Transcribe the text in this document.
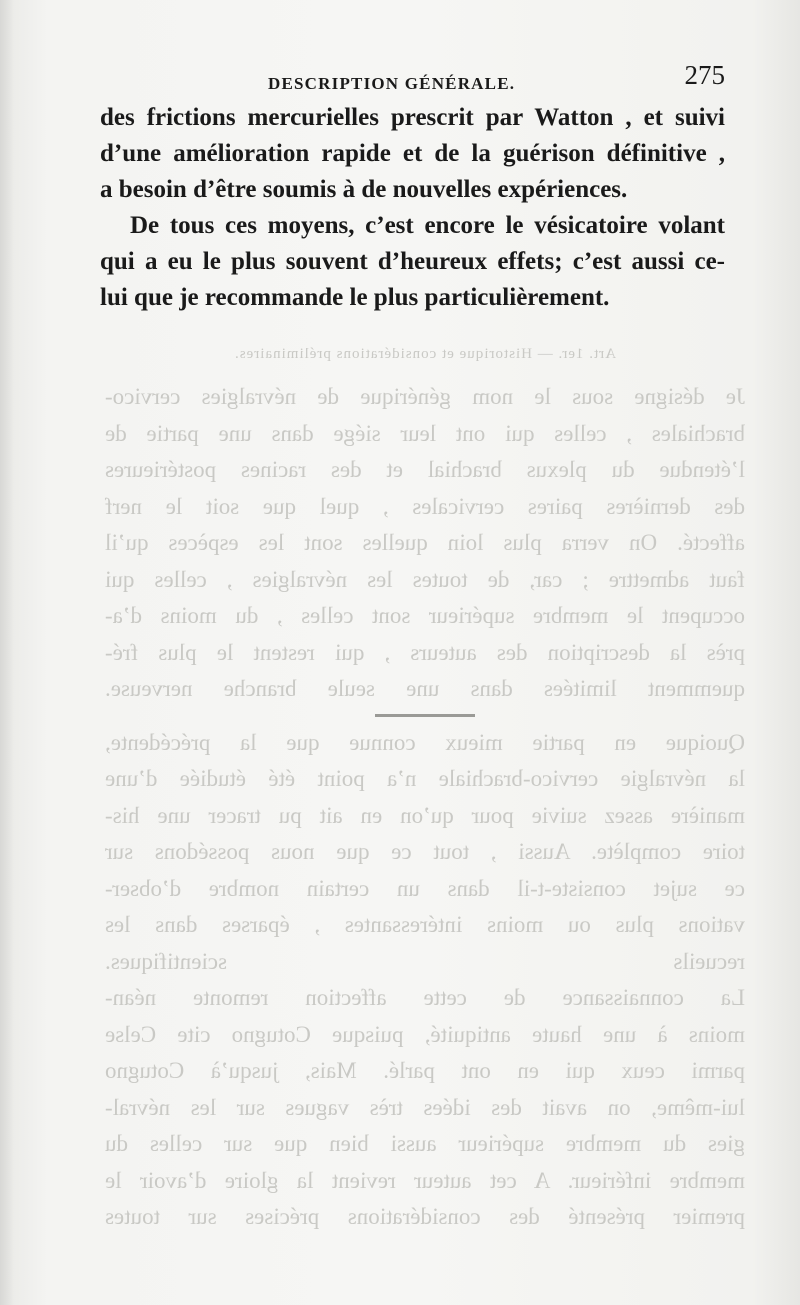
Art. 1er. — Historique et considérations préliminaires.

Je désigne sous le nom générique de névralgies cervico-

brachiales , celles qui ont leur siége dans une partie de

l’étendue du plexus brachial et des racines postérieures

des dernières paires cervicales , quel que soit le nerf

affecté. On verra plus loin quelles sont les espèces qu’il

faut admettre ; car, de toutes les névralgies , celles qui

occupent le membre supérieur sont celles , du moins d’a-

près la description des auteurs , qui restent le plus fré-

quemment limitées dans une seule branche nerveuse.

Quoique en partie mieux connue que la précédente,

la névralgie cervico-brachiale n’a point été étudiée d’une

manière assez suivie pour qu’on en ait pu tracer une his-

toire complète. Aussi , tout ce que nous possédons sur

ce sujet consiste-t-il dans un certain nombre d’obser-

vations plus ou moins intéressantes , éparses dans les

recueils scientifiques.

La connaissance de cette affection remonte néan-

moins à une haute antiquité, puisque Cotugno cite Celse

parmi ceux qui en ont parlé. Mais, jusqu’à Cotugno

lui-même, on avait des idées très vagues sur les névral-

gies du membre supérieur aussi bien que sur celles du

membre inférieur. A cet auteur revient la gloire d’avoir le

premier présenté des considérations précises sur toutes

DESCRIPTION GÉNÉRALE.	275

des frictions mercurielles prescrit par Watton , et suivi

d’une amélioration rapide et de la guérison définitive ,

a besoin d’être soumis à de nouvelles expériences.

De tous ces moyens, c’est encore le vésicatoire volant

qui a eu le plus souvent d’heureux effets; c’est aussi ce-

lui que je recommande le plus particulièrement.
